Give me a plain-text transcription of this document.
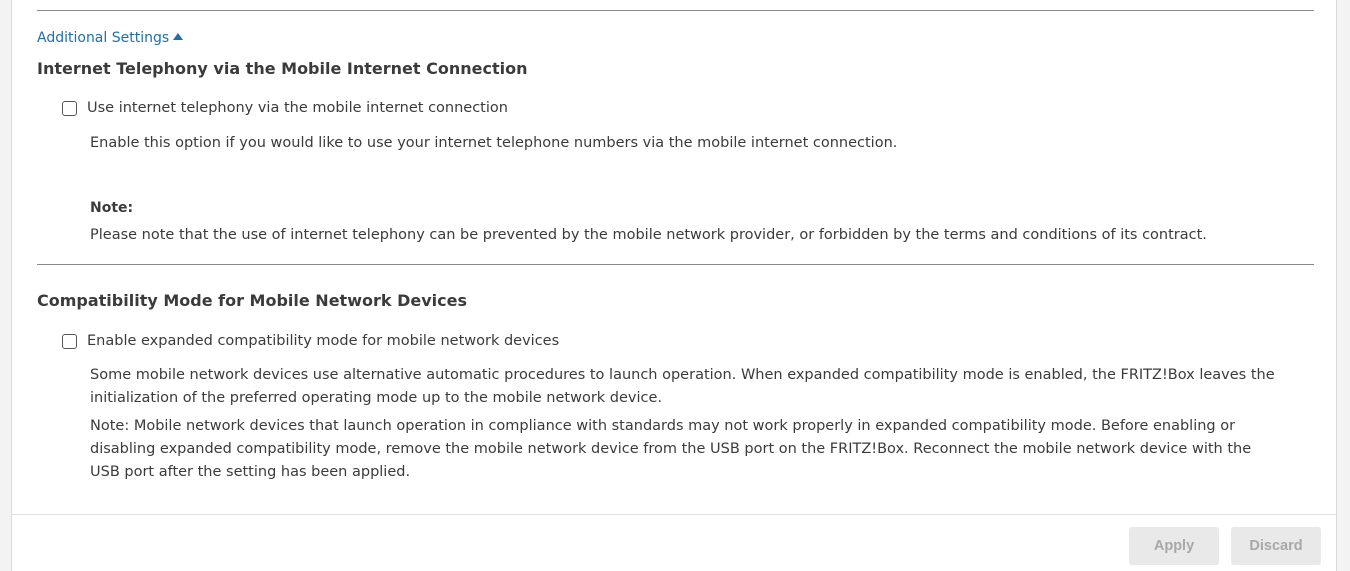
Additional Settings
Internet Telephony via the Mobile Internet Connection
Use internet telephony via the mobile internet connection
Enable this option if you would like to use your internet telephone numbers via the mobile internet connection.
Note:
Please note that the use of internet telephony can be prevented by the mobile network provider, or forbidden by the terms and conditions of its contract.
Compatibility Mode for Mobile Network Devices
Enable expanded compatibility mode for mobile network devices
Some mobile network devices use alternative automatic procedures to launch operation. When expanded compatibility mode is enabled, the FRITZ!Box leaves the initialization of the preferred operating mode up to the mobile network device.
Note: Mobile network devices that launch operation in compliance with standards may not work properly in expanded compatibility mode. Before enabling or disabling expanded compatibility mode, remove the mobile network device from the USB port on the FRITZ!Box. Reconnect the mobile network device with the USB port after the setting has been applied.
Apply	Discard
